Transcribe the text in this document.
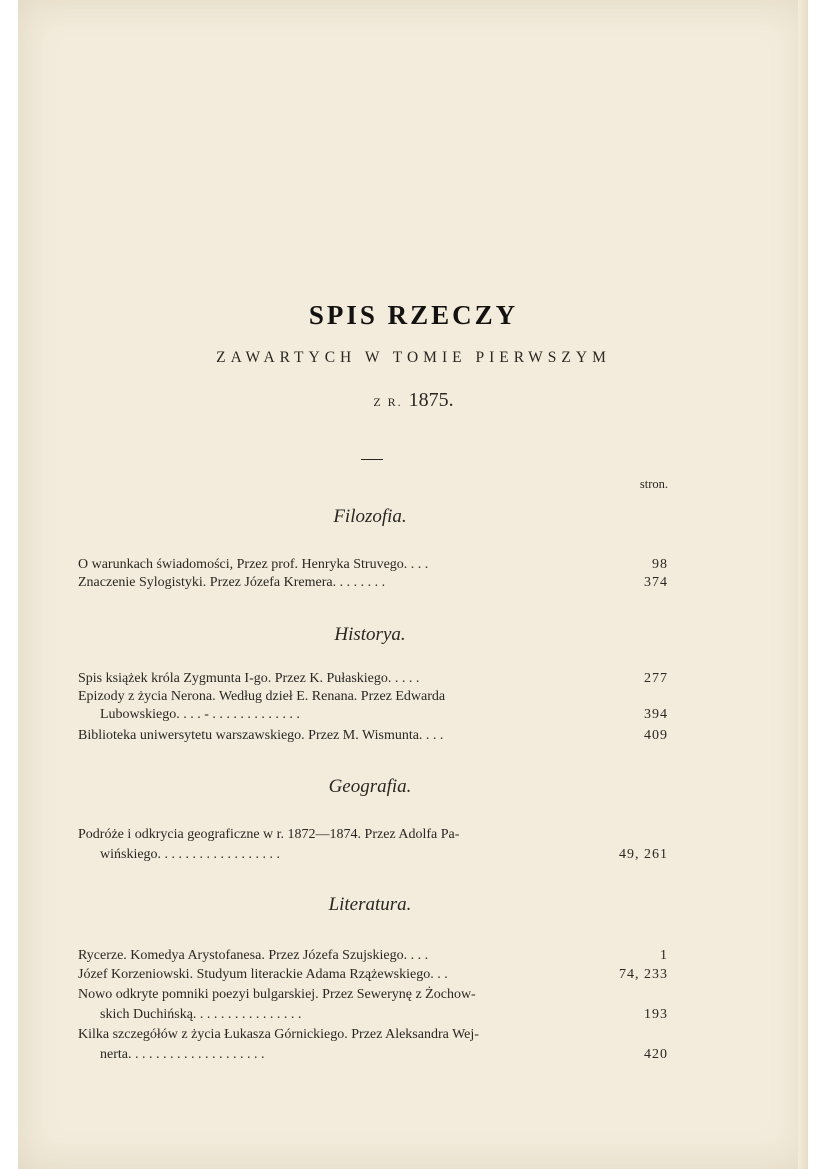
SPIS RZECZY
ZAWARTYCH W TOMIE PIERWSZYM
Z R. 1875.
stron.
Filozofia.
O warunkach świadomości, Przez prof. Henryka Struvego. . . .	98
Znaczenie Sylogistyki. Przez Józefa Kremera. . . . . . . .	374
Historya.
Spis książek króla Zygmunta I-go. Przez K. Pułaskiego. . . . .	277
Epizody z życia Nerona. Według dzieł E. Renana. Przez Edwarda
Lubowskiego. . . . - . . . . . . . . . . . . .	394
Biblioteka uniwersytetu warszawskiego. Przez M. Wismunta. . . .	409
Geografia.
Podróże i odkrycia geograficzne w r. 1872—1874. Przez Adolfa Pa-
wińskiego. . . . . . . . . . . . . . . . . .	49, 261
Literatura.
Rycerze. Komedya Arystofanesa. Przez Józefa Szujskiego. . . .	1
Józef Korzeniowski. Studyum literackie Adama Rzążewskiego. . .	74, 233
Nowo odkryte pomniki poezyi bulgarskiej. Przez Sewerynę z Żochow-
skich Duchińską. . . . . . . . . . . . . . . .	193
Kilka szczegółów z życia Łukasza Górnickiego. Przez Aleksandra Wej-
nerta. . . . . . . . . . . . . . . . . . . .	420
